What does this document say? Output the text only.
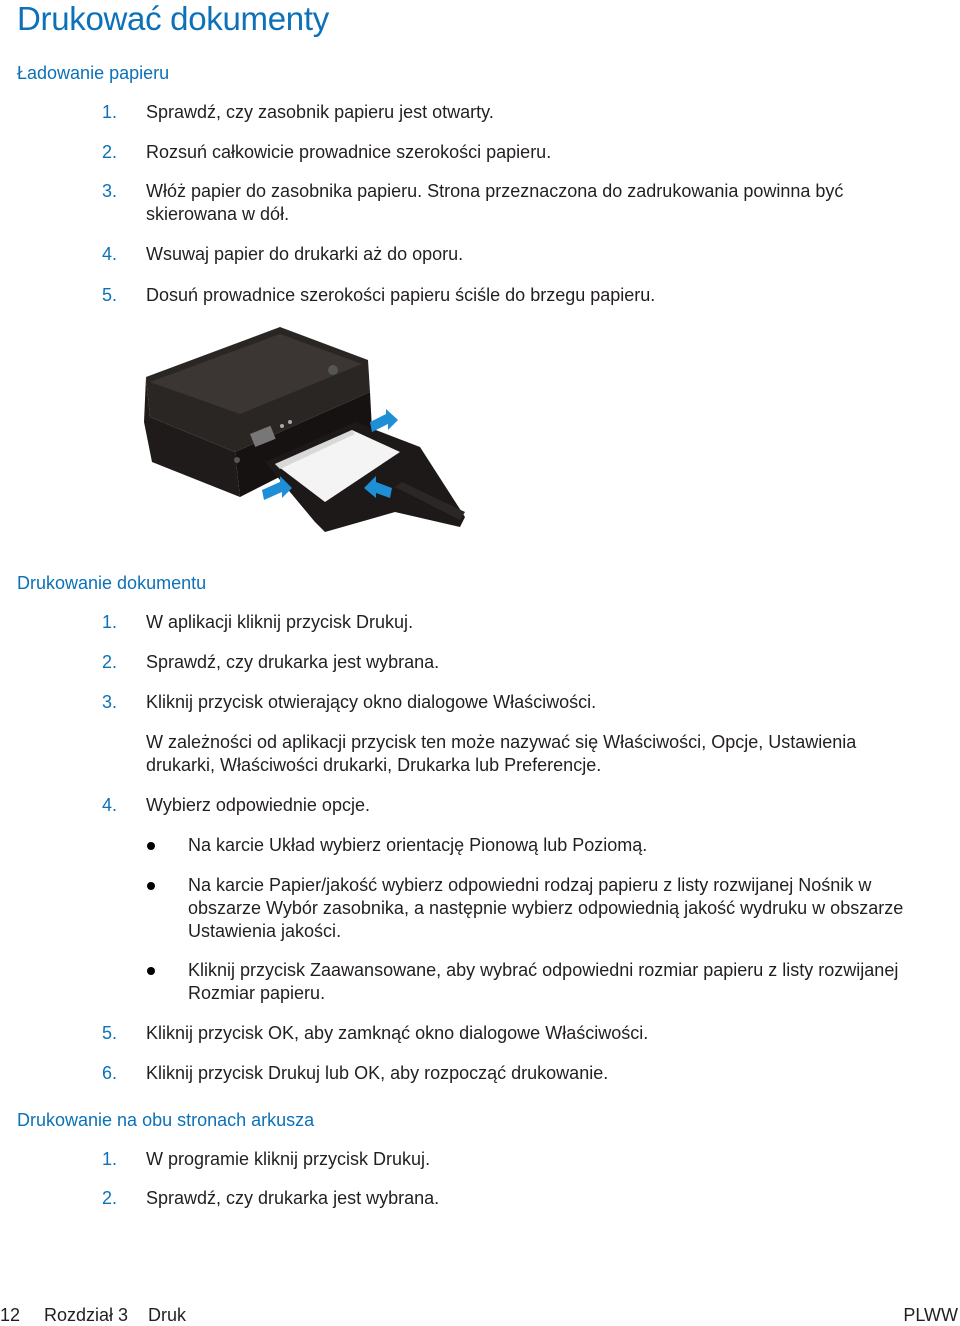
Drukować dokumenty
Ładowanie papieru
1.	Sprawdź, czy zasobnik papieru jest otwarty.
2.	Rozsuń całkowicie prowadnice szerokości papieru.
3.	Włóż papier do zasobnika papieru. Strona przeznaczona do zadrukowania powinna być
skierowana w dół.
4.	Wsuwaj papier do drukarki aż do oporu.
5.	Dosuń prowadnice szerokości papieru ściśle do brzegu papieru.
Drukowanie dokumentu
1.	W aplikacji kliknij przycisk Drukuj.
2.	Sprawdź, czy drukarka jest wybrana.
3.	Kliknij przycisk otwierający okno dialogowe Właściwości.
W zależności od aplikacji przycisk ten może nazywać się Właściwości, Opcje, Ustawienia
drukarki, Właściwości drukarki, Drukarka lub Preferencje.
4.	Wybierz odpowiednie opcje.
Na karcie Układ wybierz orientację Pionową lub Poziomą.
Na karcie Papier/jakość wybierz odpowiedni rodzaj papieru z listy rozwijanej Nośnik w
obszarze Wybór zasobnika, a następnie wybierz odpowiednią jakość wydruku w obszarze
Ustawienia jakości.
Kliknij przycisk Zaawansowane, aby wybrać odpowiedni rozmiar papieru z listy rozwijanej
Rozmiar papieru.
5.	Kliknij przycisk OK, aby zamknąć okno dialogowe Właściwości.
6.	Kliknij przycisk Drukuj lub OK, aby rozpocząć drukowanie.
Drukowanie na obu stronach arkusza
1.	W programie kliknij przycisk Drukuj.
2.	Sprawdź, czy drukarka jest wybrana.
12 Rozdział 3 Druk	PLWW
